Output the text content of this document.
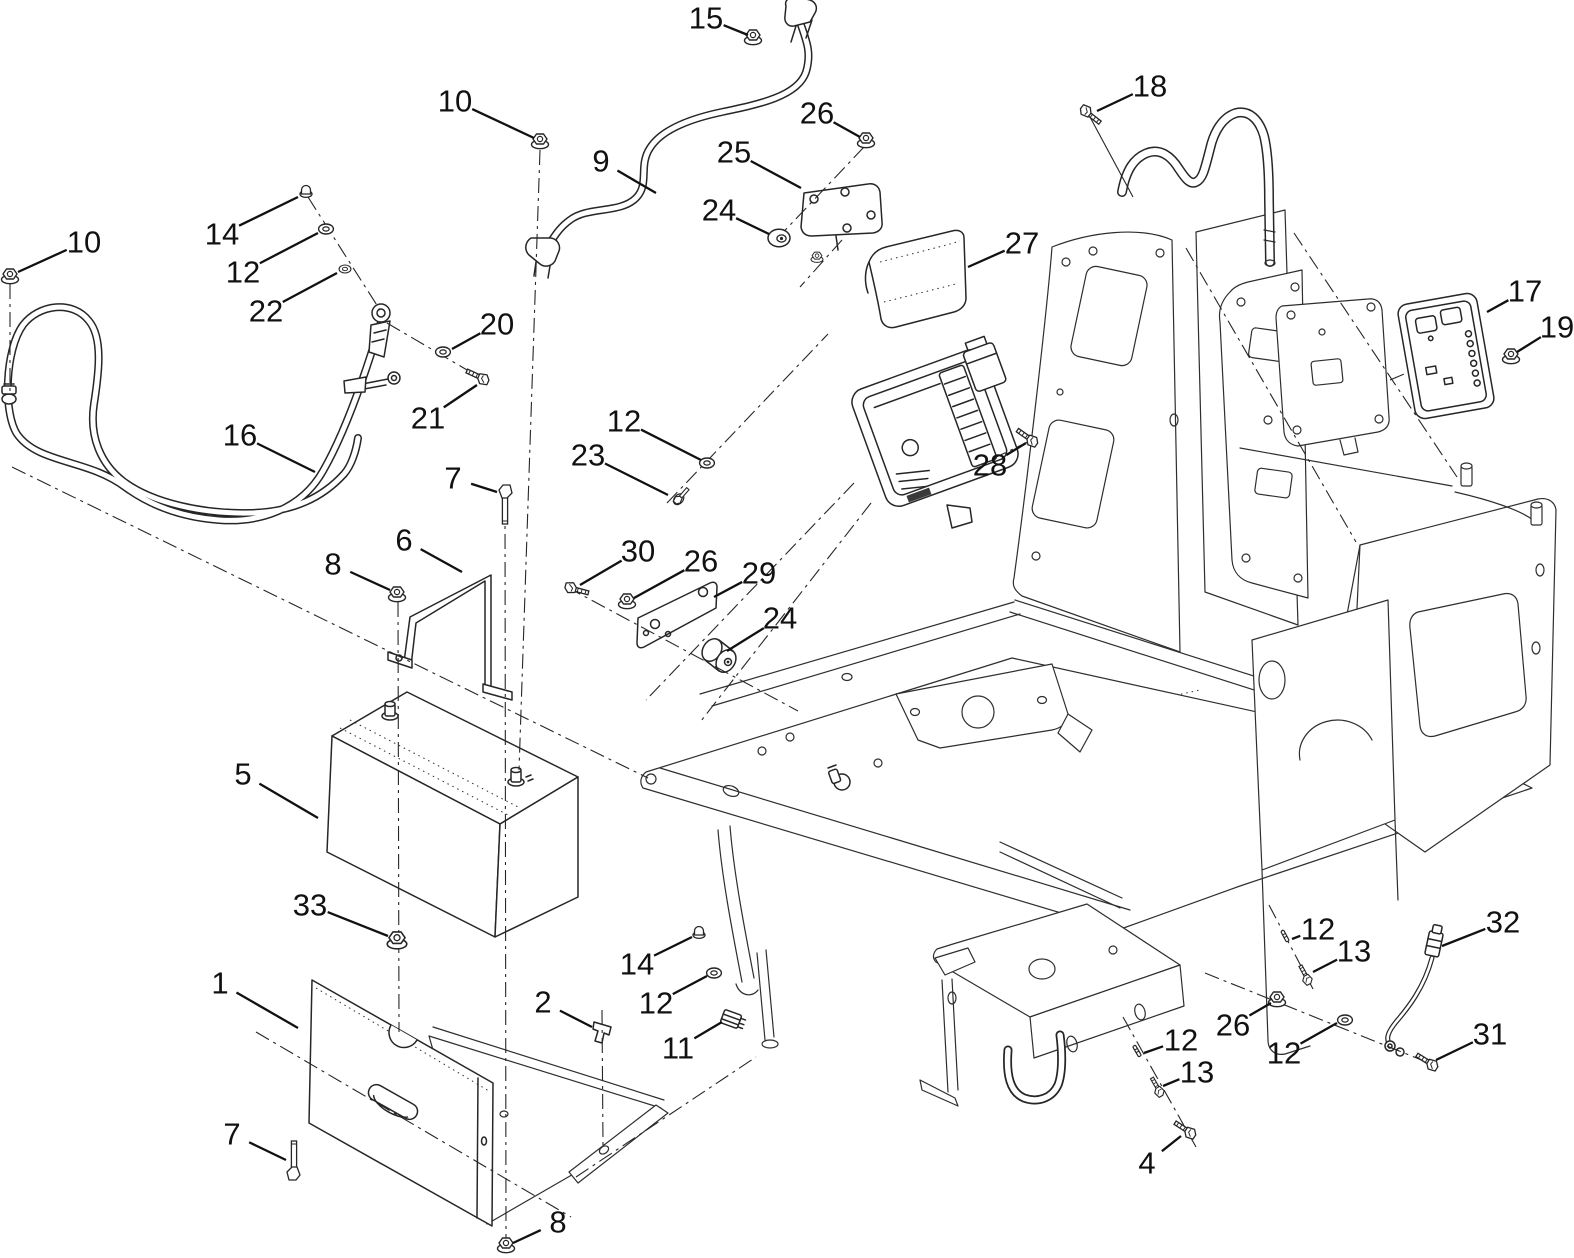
15
10
9
26
25
24
18
27
17
19
10	14
12
22	20
21
16
23
12
28
7
6
8	30 26 29
24
5
33
1
2
14
12
11
7
8
12
13
32
26
12
31
12
13
4
